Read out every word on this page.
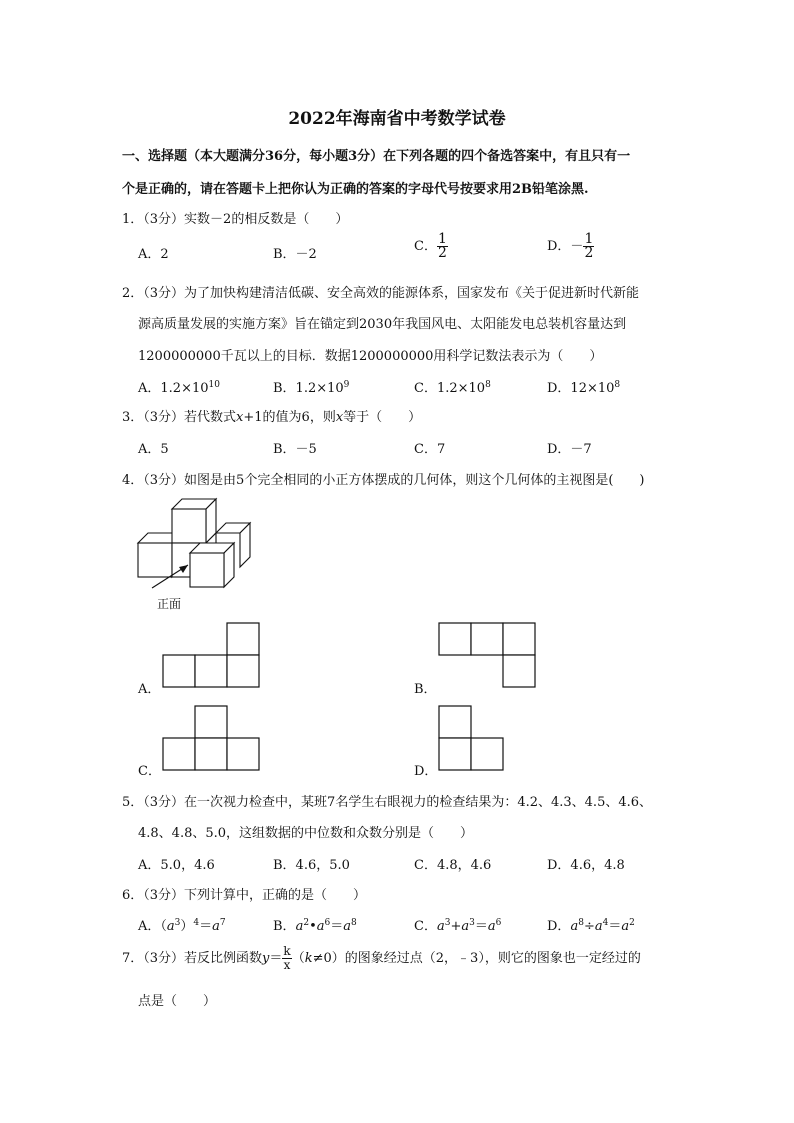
2022年海南省中考数学试卷
一、选择题（本大题满分36分，每小题3分）在下列各题的四个备选答案中，有且只有一
个是正确的，请在答题卡上把你认为正确的答案的字母代号按要求用2B铅笔涂黑.
1．（3分）实数－2的相反数是（　　）
A．2	B．－2
C． $\frac{1}{2}$	D．－ $\frac{1}{2}$
2．（3分）为了加快构建清洁低碳、安全高效的能源体系，国家发布《关于促进新时代新能
源高质量发展的实施方案》旨在锚定到2030年我国风电、太阳能发电总装机容量达到
1200000000千瓦以上的目标．数据1200000000用科学记数法表示为（　　）
A．$1.2\times 10^{10}$	B．$1.2\times 10^9$	C．$1.2\times 10^8$	D．$12\times 10^8$
3．（3分）若代数式x+1的值为6，则x等于（　　）
A．5	B．－5	C．7	D．－7
4．（3分）如图是由5个完全相同的小正方体摆成的几何体，则这个几何体的主视图是(　　)
正面
A．	B．
C．	D．
5．（3分）在一次视力检查中，某班7名学生右眼视力的检查结果为：4.2、4.3、4.5、4.6、
4.8、4.8、5.0，这组数据的中位数和众数分别是（　　）
A．5.0，4.6	B．4.6，5.0	C．4.8，4.6	D．4.6，4.8
6．（3分）下列计算中，正确的是（　　）
A．$(a^3)^4=a^7$	B．$a^2•a^6=a^8$	C．$a^3+a^3=a^6$	D．$a^8\div a^4=a^2$
7．（3分）若反比例函数$y= \frac{k}{x} (k\ne 0)$的图象经过点（2，﹣3），则它的图象也一定经过的
点是（　　）
